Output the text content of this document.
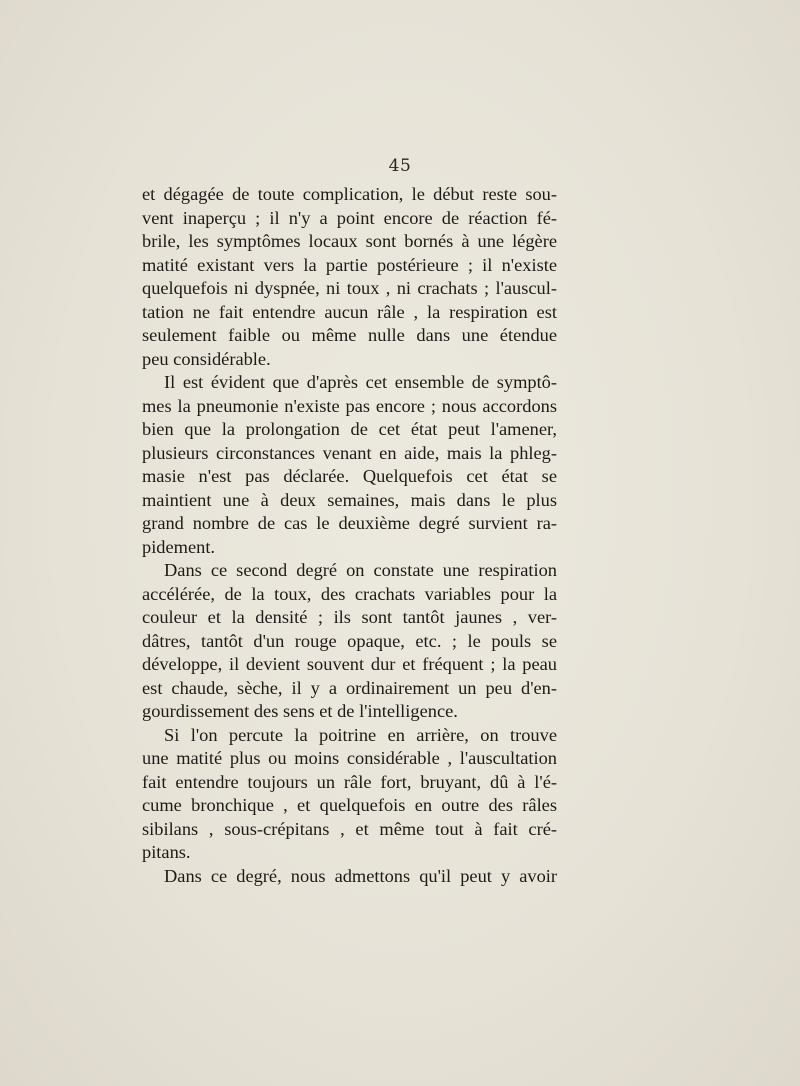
45
et dégagée de toute complication, le début reste sou-
vent inaperçu ; il n'y a point encore de réaction fé-
brile, les symptômes locaux sont bornés à une légère
matité existant vers la partie postérieure ; il n'existe
quelquefois ni dyspnée, ni toux , ni crachats ; l'auscul-
tation ne fait entendre aucun râle , la respiration est
seulement faible ou même nulle dans une étendue
peu considérable.
Il est évident que d'après cet ensemble de symptô-
mes la pneumonie n'existe pas encore ; nous accordons
bien que la prolongation de cet état peut l'amener,
plusieurs circonstances venant en aide, mais la phleg-
masie n'est pas déclarée. Quelquefois cet état se
maintient une à deux semaines, mais dans le plus
grand nombre de cas le deuxième degré survient ra-
pidement.
Dans ce second degré on constate une respiration
accélérée, de la toux, des crachats variables pour la
couleur et la densité ; ils sont tantôt jaunes , ver-
dâtres, tantôt d'un rouge opaque, etc. ; le pouls se
développe, il devient souvent dur et fréquent ; la peau
est chaude, sèche, il y a ordinairement un peu d'en-
gourdissement des sens et de l'intelligence.
Si l'on percute la poitrine en arrière, on trouve
une matité plus ou moins considérable , l'auscultation
fait entendre toujours un râle fort, bruyant, dû à l'é-
cume bronchique , et quelquefois en outre des râles
sibilans , sous-crépitans , et même tout à fait cré-
pitans.
Dans ce degré, nous admettons qu'il peut y avoir
